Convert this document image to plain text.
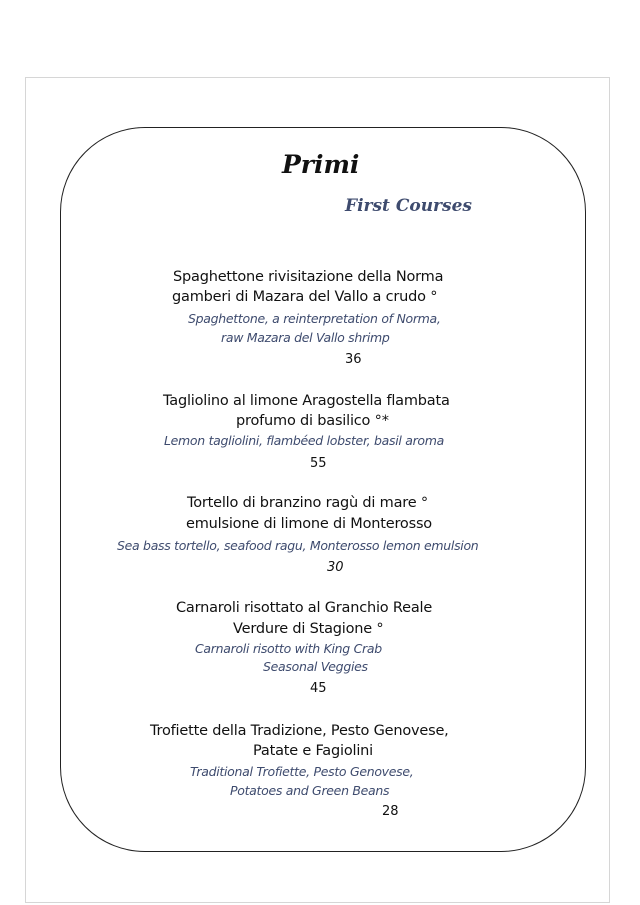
Primi
First Courses
Spaghettone rivisitazione della Norma
gamberi di Mazara del Vallo a crudo °
Spaghettone, a reinterpretation of Norma,
raw Mazara del Vallo shrimp
36
Tagliolino al limone Aragostella flambata
profumo di basilico °*
Lemon tagliolini, flambéed lobster, basil aroma
55
Tortello di branzino ragù di mare °
emulsione di limone di Monterosso
Sea bass tortello, seafood ragu, Monterosso lemon emulsion
30
Carnaroli risottato al Granchio Reale
Verdure di Stagione °
Carnaroli risotto with King Crab
Seasonal Veggies
45
Trofiette della Tradizione, Pesto Genovese,
Patate e Fagiolini
Traditional Trofiette, Pesto Genovese,
Potatoes and Green Beans
28
